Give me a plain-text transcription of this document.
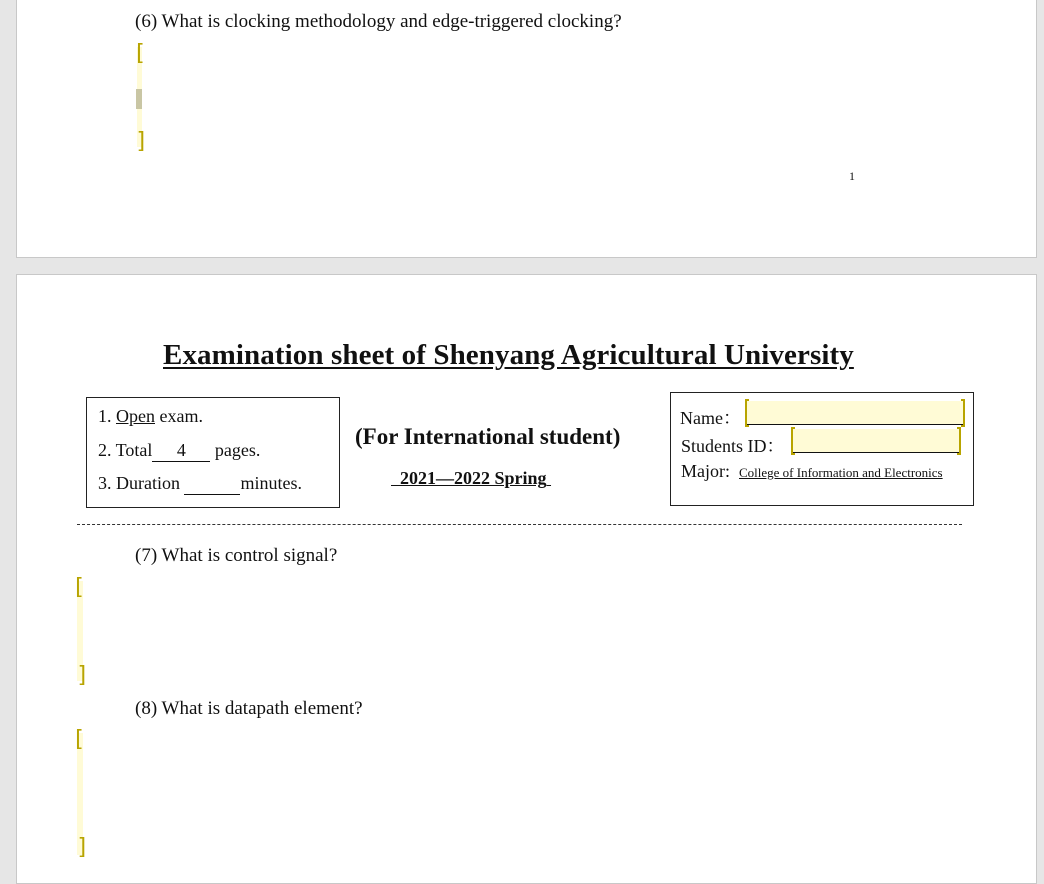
(6) What is clocking methodology and edge-triggered clocking?
[
]
1
Examination sheet of Shenyang Agricultural University
1. Open exam.
2. Total 4 pages.
3. Duration	minutes.
(For International student)
2021—2022 Spring
Name：
Students ID：
Major: College of Information and Electronics
(7) What is control signal?
[
]
(8) What is datapath element?
[
]
